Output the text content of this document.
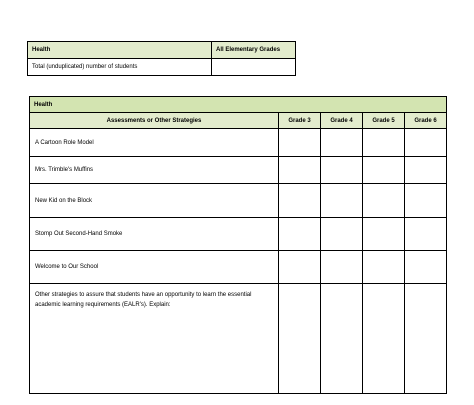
Health	All Elementary Grades
Total (unduplicated) number of students	
Health				
Assessments or Other Strategies	Grade 3	Grade 4	Grade 5	Grade 6
A Cartoon Role Model				
Mrs. Trimble's Muffins				
New Kid on the Block				
Stomp Out Second-Hand Smoke				
Welcome to Our School				
Other strategies to assure that students have an opportunity to learn the essential academic learning requirements (EALR's). Explain:				
